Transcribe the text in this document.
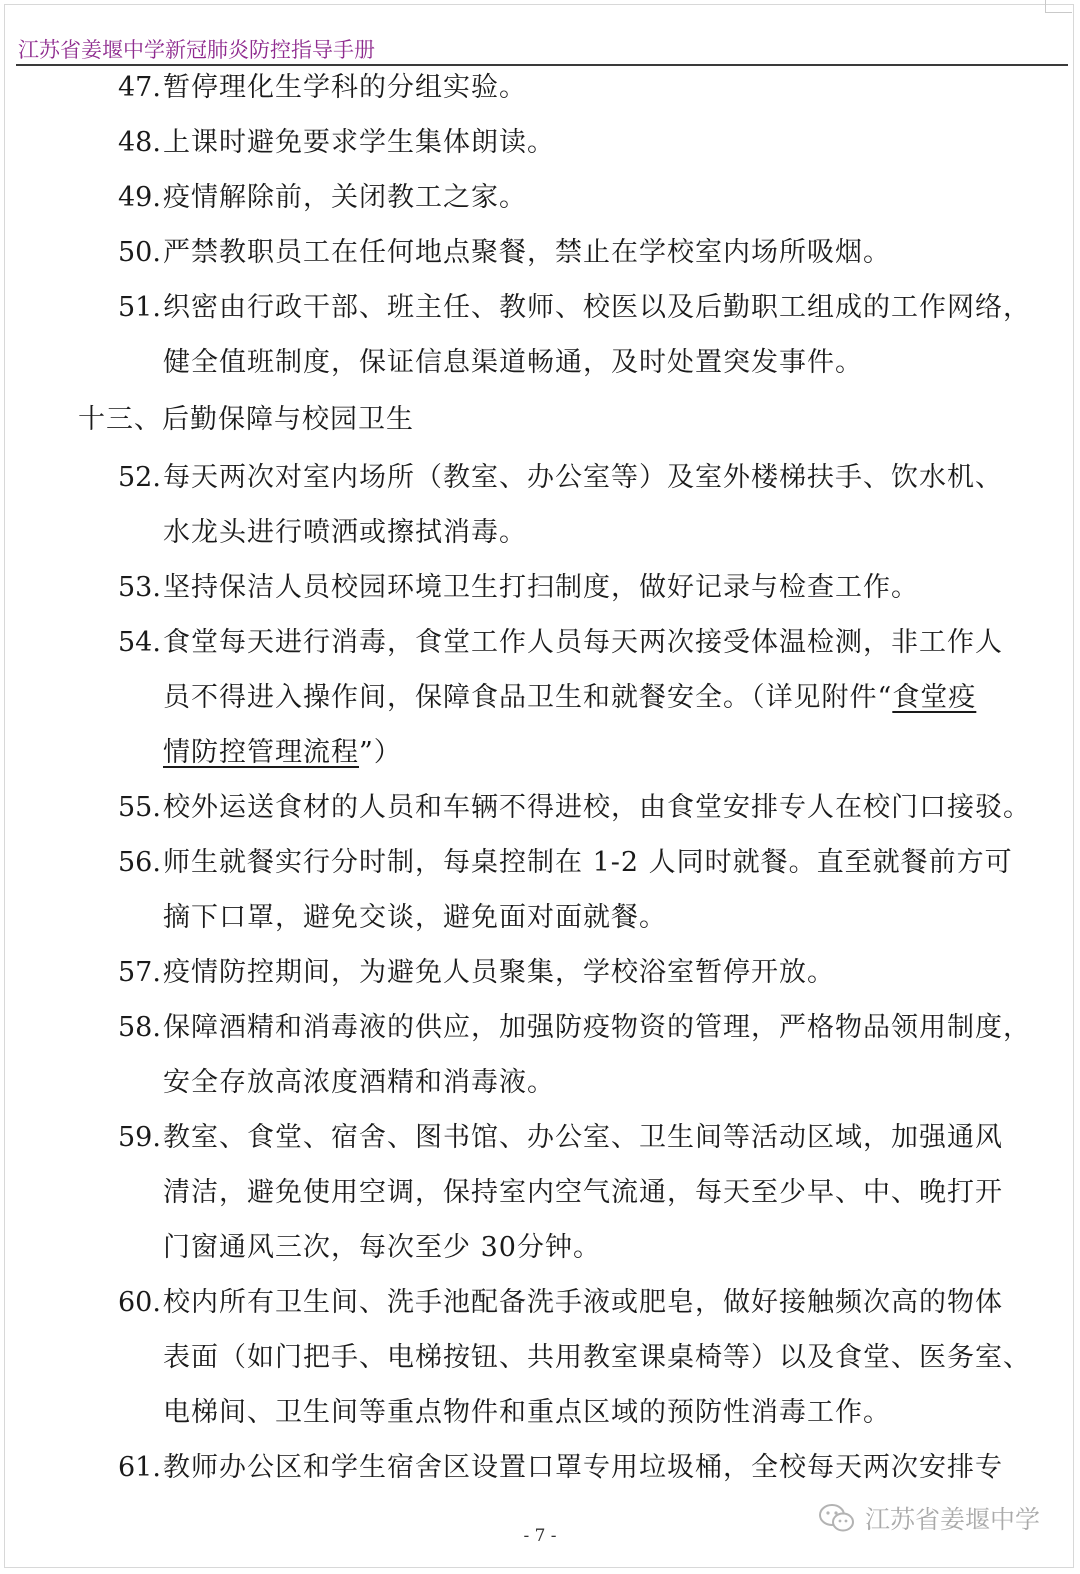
江苏省姜堰中学新冠肺炎防控指导手册
47. 暂停理化生学科的分组实验。
48. 上课时避免要求学生集体朗读。
49. 疫情解除前，关闭教工之家。
50. 严禁教职员工在任何地点聚餐，禁止在学校室内场所吸烟。
51. 织密由行政干部、班主任、教师、校医以及后勤职工组成的工作网络，
健全值班制度，保证信息渠道畅通，及时处置突发事件。
十三、后勤保障与校园卫生
52. 每天两次对室内场所（教室、办公室等）及室外楼梯扶手、饮水机、
水龙头进行喷洒或擦拭消毒。
53. 坚持保洁人员校园环境卫生打扫制度，做好记录与检查工作。
54. 食堂每天进行消毒，食堂工作人员每天两次接受体温检测，非工作人
员不得进入操作间，保障食品卫生和就餐安全。（详见附件“食堂疫
情防控管理流程”）
55. 校外运送食材的人员和车辆不得进校，由食堂安排专人在校门口接驳。
56. 师生就餐实行分时制，每桌控制在 1-2 人同时就餐。直至就餐前方可
摘下口罩，避免交谈，避免面对面就餐。
57. 疫情防控期间，为避免人员聚集，学校浴室暂停开放。
58. 保障酒精和消毒液的供应，加强防疫物资的管理，严格物品领用制度，
安全存放高浓度酒精和消毒液。
59. 教室、食堂、宿舍、图书馆、办公室、卫生间等活动区域，加强通风
清洁，避免使用空调，保持室内空气流通，每天至少早、中、晚打开
门窗通风三次，每次至少 30分钟。
60. 校内所有卫生间、洗手池配备洗手液或肥皂，做好接触频次高的物体
表面（如门把手、电梯按钮、共用教室课桌椅等）以及食堂、医务室、
电梯间、卫生间等重点物件和重点区域的预防性消毒工作。
61. 教师办公区和学生宿舍区设置口罩专用垃圾桶，全校每天两次安排专
- 7 -
江苏省姜堰中学
